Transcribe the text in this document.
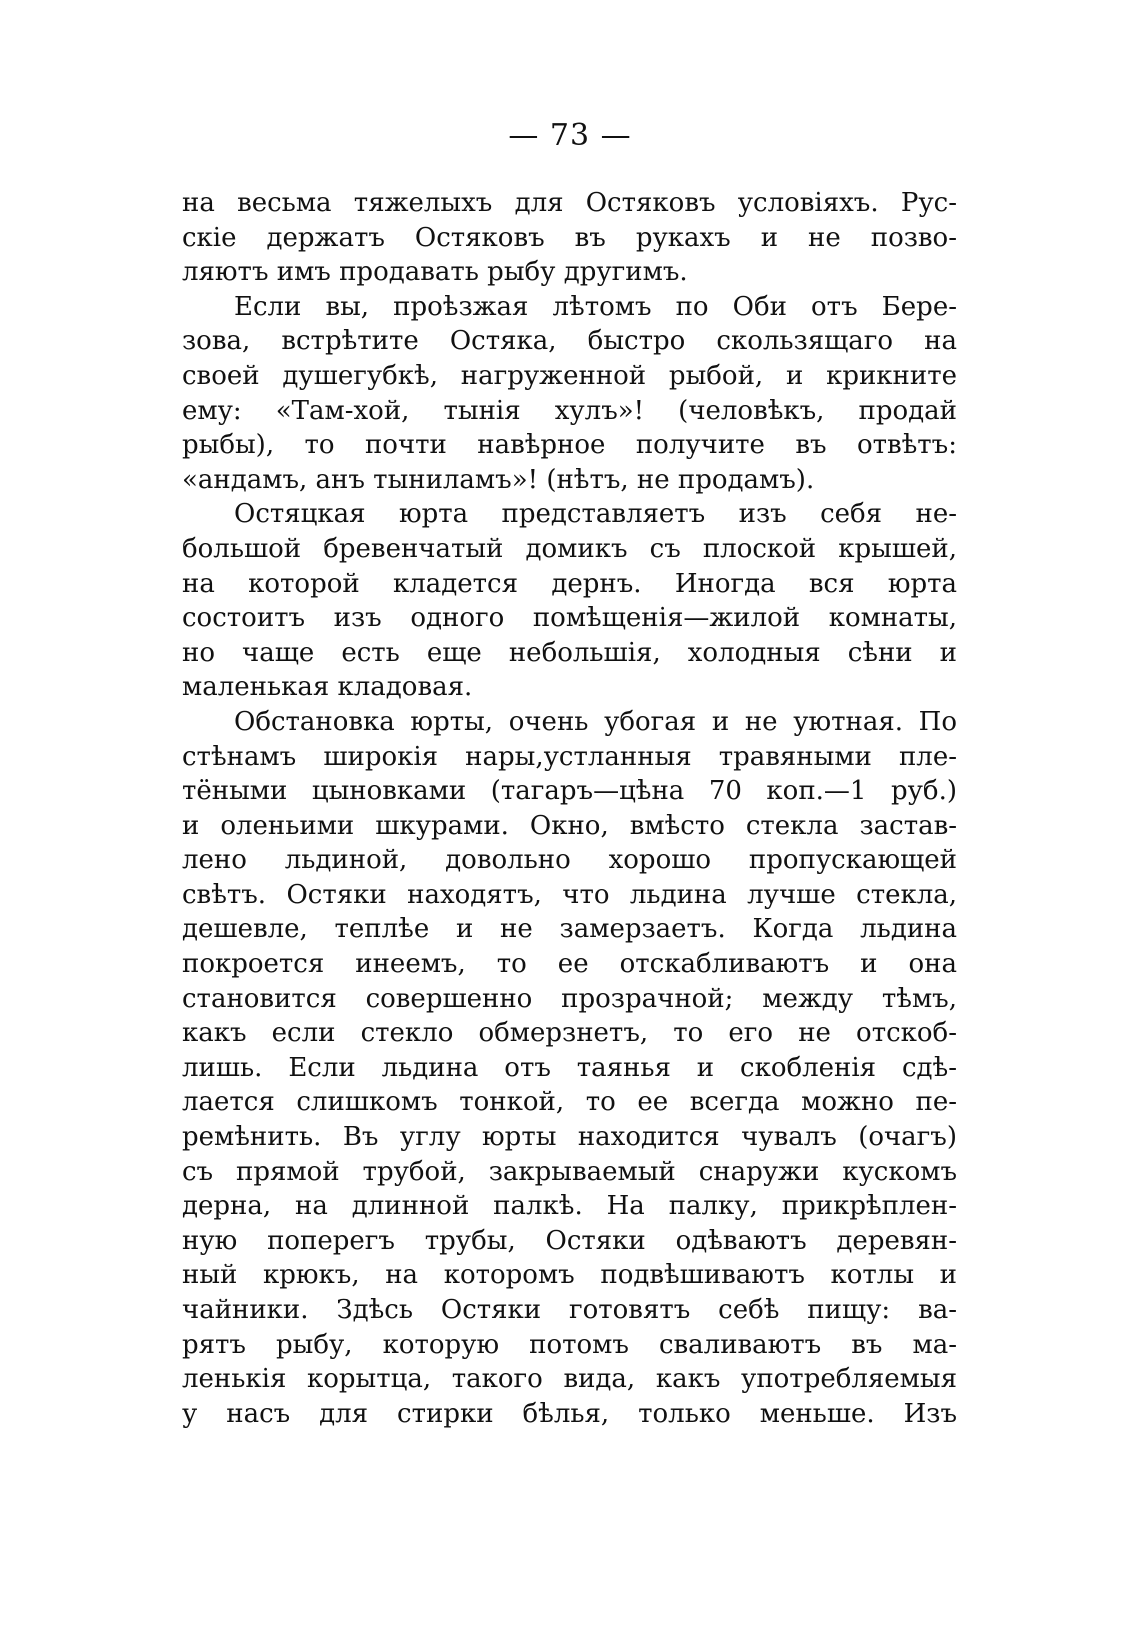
— 73 —
на весьма тяжелыхъ для Остяковъ условіяхъ. Рус-
скіе держатъ Остяковъ въ рукахъ и не позво-
ляютъ имъ продавать рыбу другимъ.
Если вы, проѣзжая лѣтомъ по Оби отъ Бере-
зова, встрѣтите Остяка, быстро скользящаго на
своей душегубкѣ, нагруженной рыбой, и крикните
ему: «Там-хой, тынія хулъ»! (человѣкъ, продай
рыбы), то почти навѣрное получите въ отвѣтъ:
«андамъ, анъ тыниламъ»! (нѣтъ, не продамъ).
Остяцкая юрта представляетъ изъ себя не-
большой бревенчатый домикъ съ плоской крышей,
на которой кладется дернъ. Иногда вся юрта
состоитъ изъ одного помѣщенія—жилой комнаты,
но чаще есть еще небольшія, холодныя сѣни и
маленькая кладовая.
Обстановка юрты, очень убогая и не уютная. По
стѣнамъ широкія нары,устланныя травяными пле-
тёными цыновками (тагаръ—цѣна 70 коп.—1 руб.)
и оленьими шкурами. Окно, вмѣсто стекла застав-
лено льдиной, довольно хорошо пропускающей
свѣтъ. Остяки находятъ, что льдина лучше стекла,
дешевле, теплѣе и не замерзаетъ. Когда льдина
покроется инеемъ, то ее отскабливаютъ и она
становится совершенно прозрачной; между тѣмъ,
какъ если стекло обмерзнетъ, то его не отскоб-
лишь. Если льдина отъ таянья и скобленія сдѣ-
лается слишкомъ тонкой, то ее всегда можно пе-
ремѣнить. Въ углу юрты находится чувалъ (очагъ)
съ прямой трубой, закрываемый снаружи кускомъ
дерна, на длинной палкѣ. На палку, прикрѣплен-
ную поперегъ трубы, Остяки одѣваютъ деревян-
ный крюкъ, на которомъ подвѣшиваютъ котлы и
чайники. Здѣсь Остяки готовятъ себѣ пищу: ва-
рятъ рыбу, которую потомъ сваливаютъ въ ма-
ленькія корытца, такого вида, какъ употребляемыя
у насъ для стирки бѣлья, только меньше. Изъ
